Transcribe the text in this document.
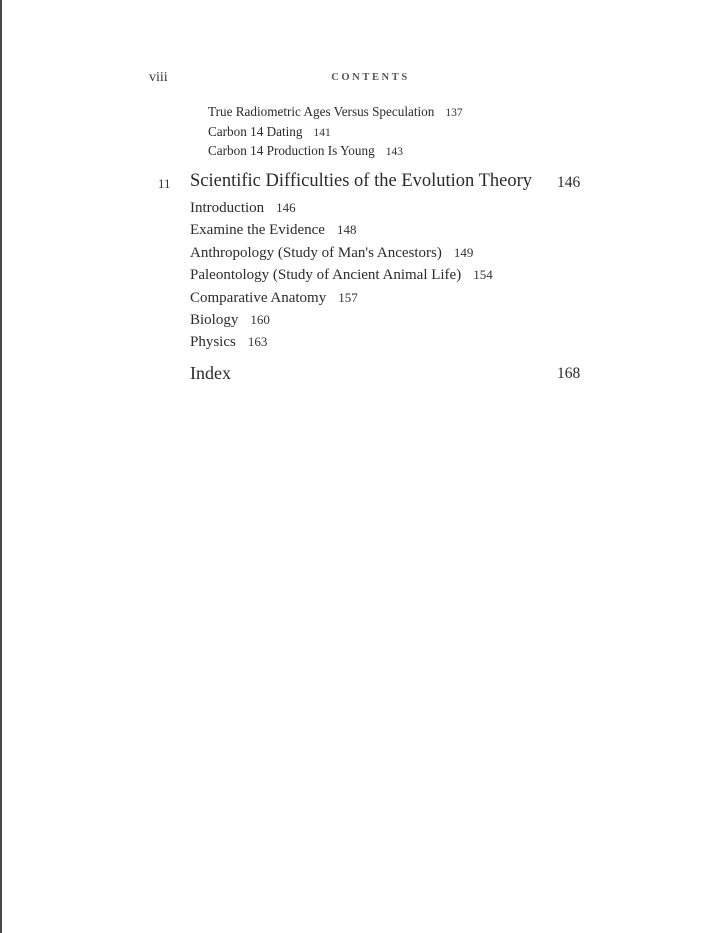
viii	CONTENTS
True Radiometric Ages Versus Speculation 137
Carbon 14 Dating 141
Carbon 14 Production Is Young 143
11 Scientific Difficulties of the Evolution Theory 146
Introduction 146
Examine the Evidence 148
Anthropology (Study of Man's Ancestors) 149
Paleontology (Study of Ancient Animal Life) 154
Comparative Anatomy 157
Biology 160
Physics 163
Index	168
